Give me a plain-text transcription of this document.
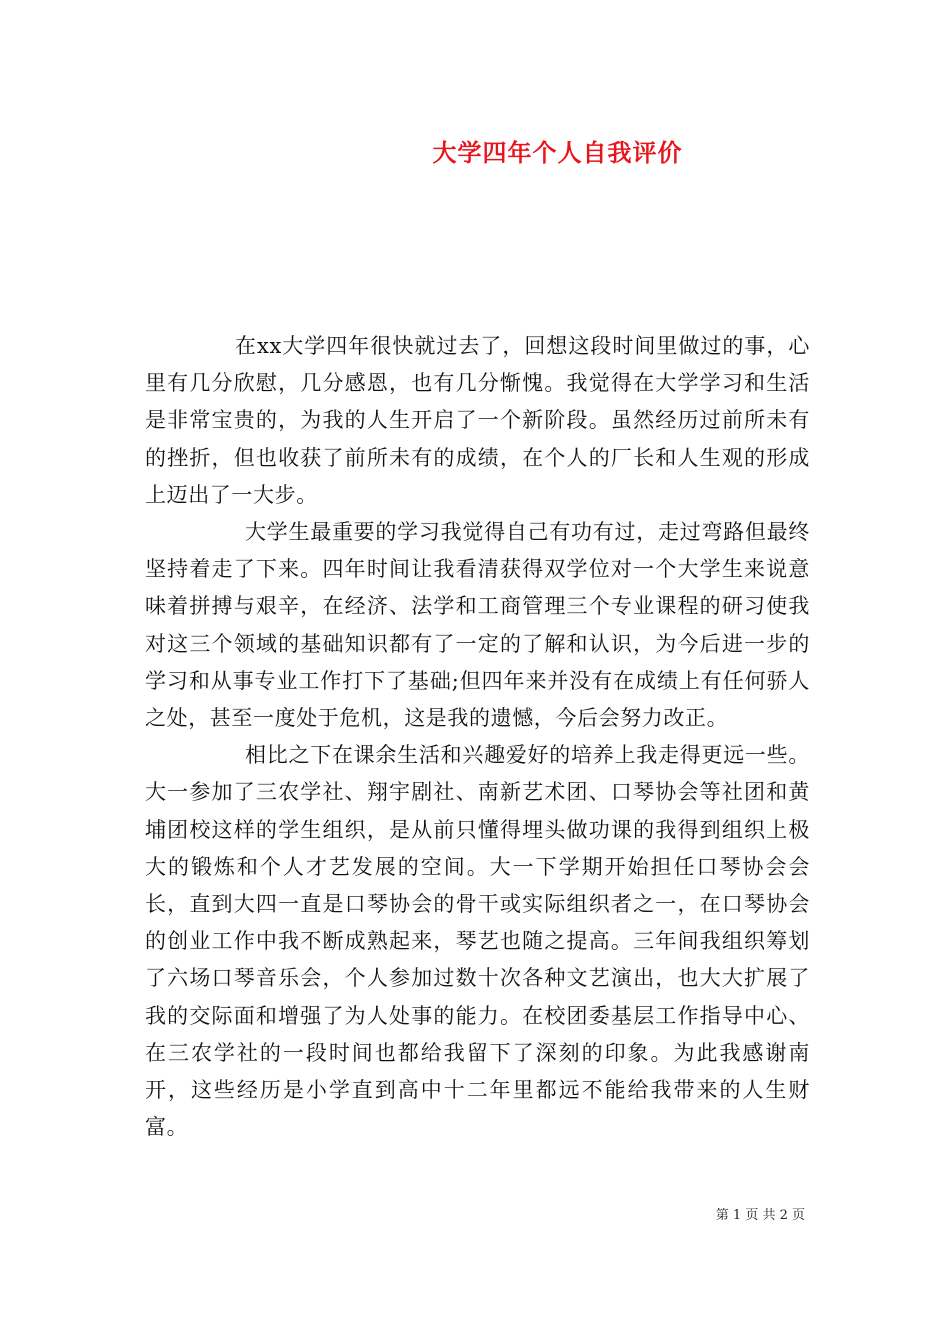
大学四年个人自我评价

在xx大学四年很快就过去了，回想这段时间里做过的事，心里有几分欣慰，几分感恩，也有几分惭愧。我觉得在大学学习和生活是非常宝贵的，为我的人生开启了一个新阶段。虽然经历过前所未有的挫折，但也收获了前所未有的成绩，在个人的厂长和人生观的形成上迈出了一大步。

大学生最重要的学习我觉得自己有功有过，走过弯路但最终坚持着走了下来。四年时间让我看清获得双学位对一个大学生来说意味着拼搏与艰辛，在经济、法学和工商管理三个专业课程的研习使我对这三个领域的基础知识都有了一定的了解和认识，为今后进一步的学习和从事专业工作打下了基础;但四年来并没有在成绩上有任何骄人之处，甚至一度处于危机，这是我的遗憾，今后会努力改正。

相比之下在课余生活和兴趣爱好的培养上我走得更远一些。大一参加了三农学社、翔宇剧社、南新艺术团、口琴协会等社团和黄埔团校这样的学生组织，是从前只懂得埋头做功课的我得到组织上极大的锻炼和个人才艺发展的空间。大一下学期开始担任口琴协会会长，直到大四一直是口琴协会的骨干或实际组织者之一，在口琴协会的创业工作中我不断成熟起来，琴艺也随之提高。三年间我组织筹划了六场口琴音乐会，个人参加过数十次各种文艺演出，也大大扩展了我的交际面和增强了为人处事的能力。在校团委基层工作指导中心、在三农学社的一段时间也都给我留下了深刻的印象。为此我感谢南开，这些经历是小学直到高中十二年里都远不能给我带来的人生财富。

第 1 页 共 2 页
